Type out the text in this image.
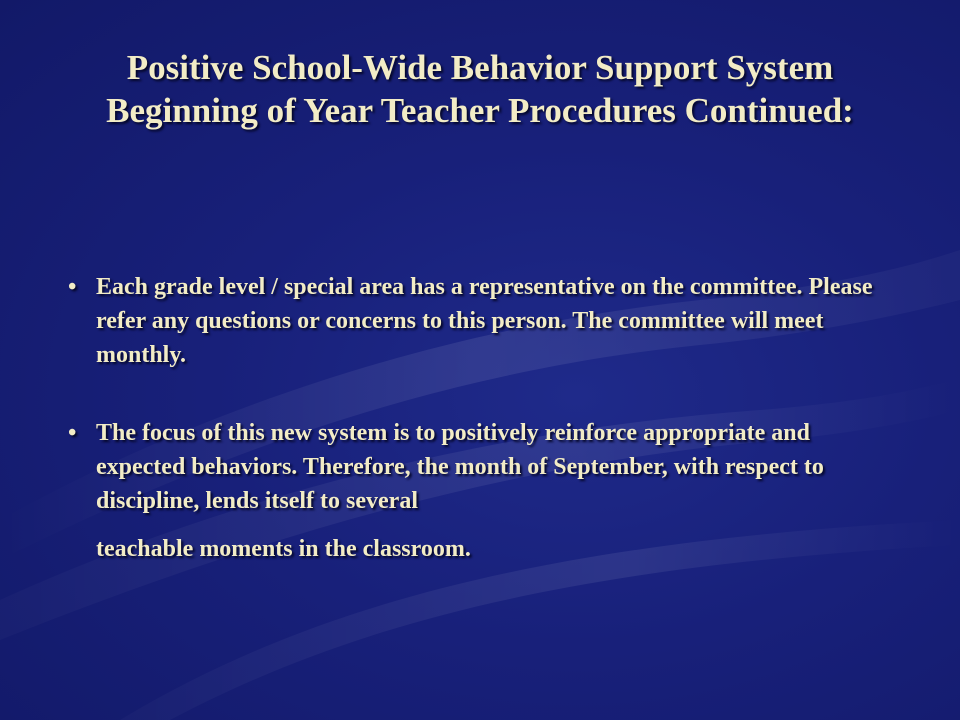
Positive School-Wide Behavior Support System
Beginning of Year Teacher Procedures Continued:
• Each grade level / special area has a representative on the committee. Please refer any questions or concerns to this person. The committee will meet monthly.
• The focus of this new system is to positively reinforce appropriate and expected behaviors. Therefore, the month of September, with respect to discipline, lends itself to several
teachable moments in the classroom.
